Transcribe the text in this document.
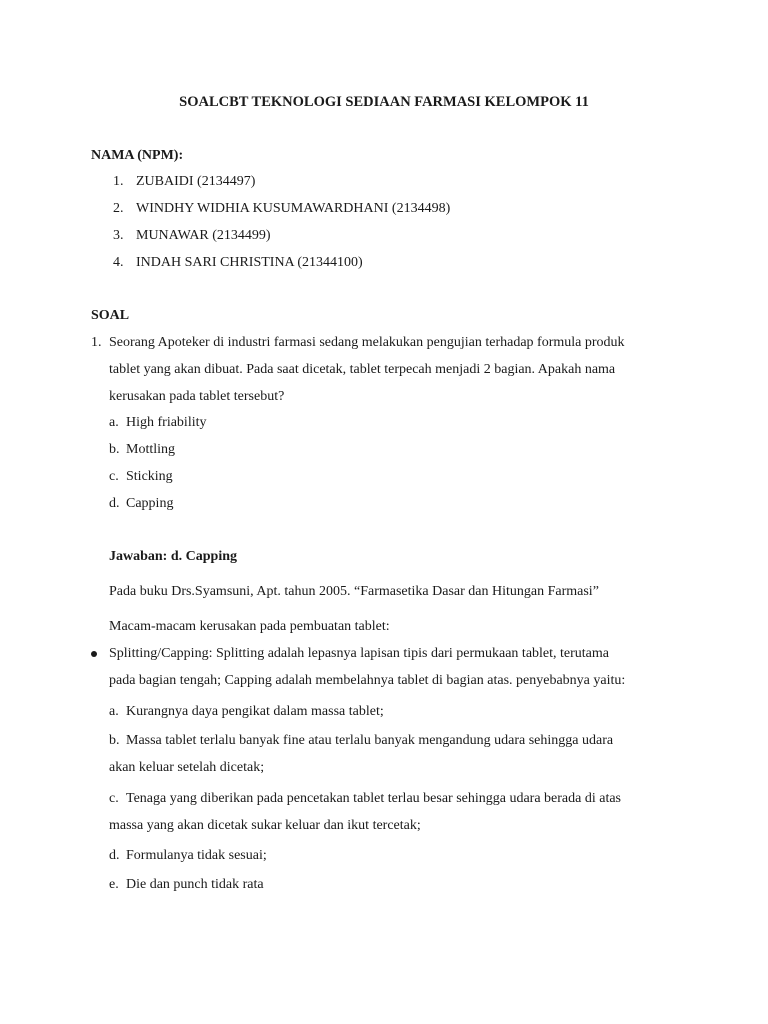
SOALCBT TEKNOLOGI SEDIAAN FARMASI KELOMPOK 11
NAMA (NPM):
1. ZUBAIDI (2134497)
2. WINDHY WIDHIA KUSUMAWARDHANI (2134498)
3. MUNAWAR (2134499)
4. INDAH SARI CHRISTINA (21344100)
SOAL
1. Seorang Apoteker di industri farmasi sedang melakukan pengujian terhadap formula produk
tablet yang akan dibuat. Pada saat dicetak, tablet terpecah menjadi 2 bagian. Apakah nama
kerusakan pada tablet tersebut?
a. High friability
b. Mottling
c. Sticking
d. Capping
Jawaban: d. Capping
Pada buku Drs.Syamsuni, Apt. tahun 2005. “Farmasetika Dasar dan Hitungan Farmasi”
Macam-macam kerusakan pada pembuatan tablet:
Splitting/Capping: Splitting adalah lepasnya lapisan tipis dari permukaan tablet, terutama
pada bagian tengah; Capping adalah membelahnya tablet di bagian atas. penyebabnya yaitu:
a. Kurangnya daya pengikat dalam massa tablet;
b. Massa tablet terlalu banyak fine atau terlalu banyak mengandung udara sehingga udara
akan keluar setelah dicetak;
c. Tenaga yang diberikan pada pencetakan tablet terlau besar sehingga udara berada di atas
massa yang akan dicetak sukar keluar dan ikut tercetak;
d. Formulanya tidak sesuai;
e. Die dan punch tidak rata
